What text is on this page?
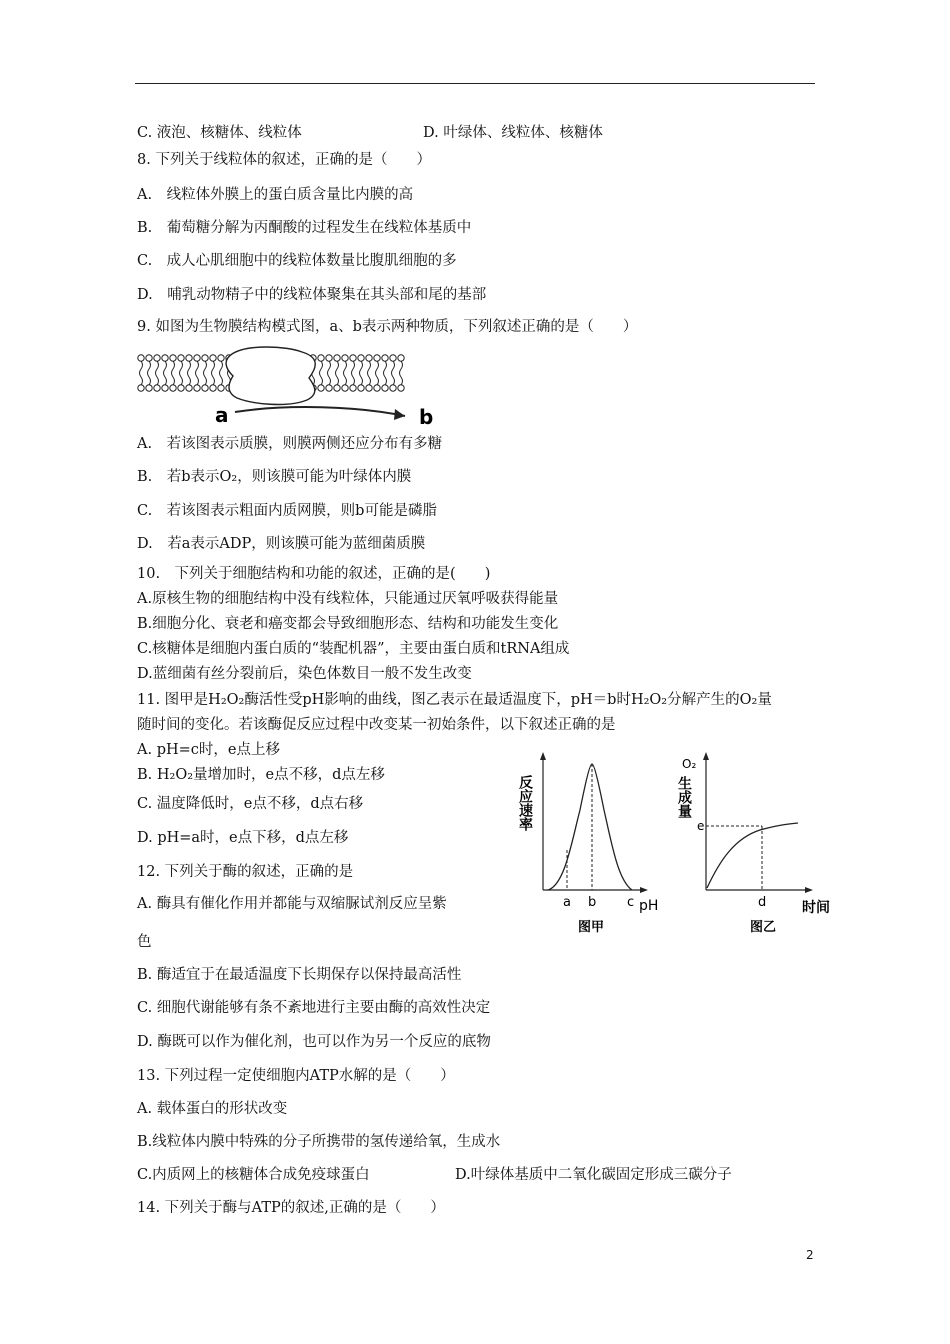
C. 液泡、核糖体、线粒体
8. 下列关于线粒体的叙述，正确的是（　　）
A.　线粒体外膜上的蛋白质含量比内膜的高
B.　葡萄糖分解为丙酮酸的过程发生在线粒体基质中
C.　成人心肌细胞中的线粒体数量比腹肌细胞的多
D.　哺乳动物精子中的线粒体聚集在其头部和尾的基部
9. 如图为生物膜结构模式图，a、b表示两种物质，下列叙述正确的是（　　）
A.　若该图表示质膜，则膜两侧还应分布有多糖
B.　若b表示O₂，则该膜可能为叶绿体内膜
C.　若该图表示粗面内质网膜，则b可能是磷脂
D.　若a表示ADP，则该膜可能为蓝细菌质膜
10.　下列关于细胞结构和功能的叙述，正确的是(　　)
A.原核生物的细胞结构中没有线粒体，只能通过厌氧呼吸获得能量
B.细胞分化、衰老和癌变都会导致细胞形态、结构和功能发生变化
C.核糖体是细胞内蛋白质的“装配机器”，主要由蛋白质和tRNA组成
D.蓝细菌有丝分裂前后，染色体数目一般不发生改变
11. 图甲是H₂O₂酶活性受pH影响的曲线，图乙表示在最适温度下，pH＝b时H₂O₂分解产生的O₂量
随时间的变化。若该酶促反应过程中改变某一初始条件，以下叙述正确的是
A. pH=c时，e点上移
B. H₂O₂量增加时，e点不移，d点左移
C. 温度降低时，e点不移，d点右移
D. pH=a时，e点下移，d点左移
12. 下列关于酶的叙述，正确的是
A. 酶具有催化作用并都能与双缩脲试剂反应呈紫
色
B. 酶适宜于在最适温度下长期保存以保持最高活性
C. 细胞代谢能够有条不紊地进行主要由酶的高效性决定
D. 酶既可以作为催化剂，也可以作为另一个反应的底物
13. 下列过程一定使细胞内ATP水解的是（　　）
A. 载体蛋白的形状改变
B.线粒体内膜中特殊的分子所携带的氢传递给氧，生成水
C.内质网上的核糖体合成免疫球蛋白
14. 下列关于酶与ATP的叙述,正确的是（　　）
D. 叶绿体、线粒体、核糖体
D.叶绿体基质中二氧化碳固定形成三碳分子
a	b
反应速率
a b c pH
图甲
O₂
生成量
e
d	时间
图乙
2
